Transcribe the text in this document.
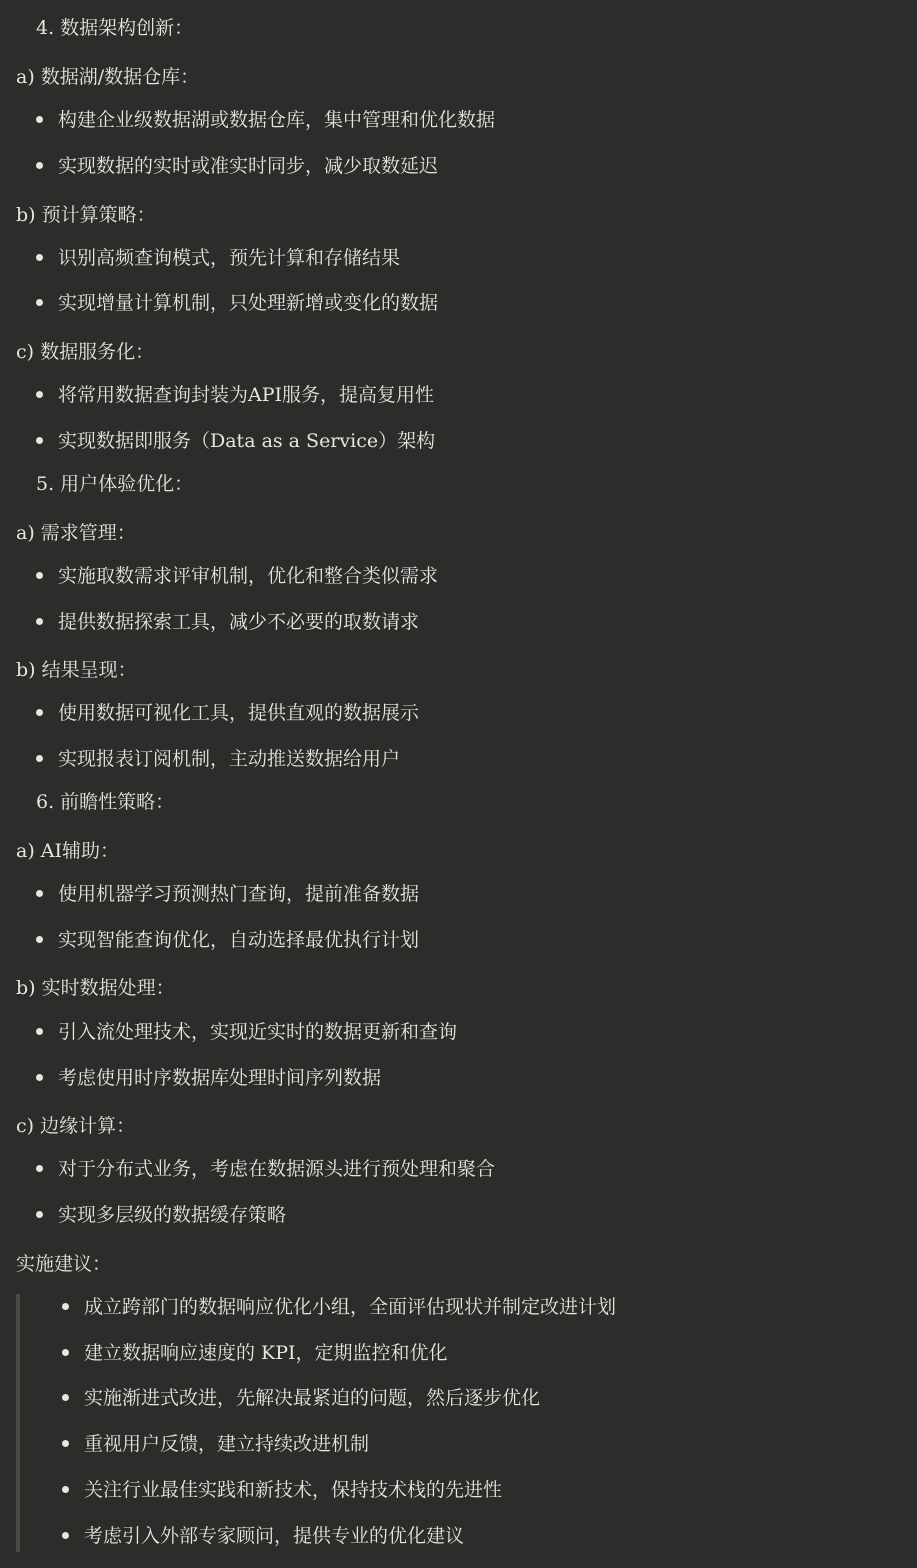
4. 数据架构创新：
a) 数据湖/数据仓库：
构建企业级数据湖或数据仓库，集中管理和优化数据
实现数据的实时或准实时同步，减少取数延迟
b) 预计算策略：
识别高频查询模式，预先计算和存储结果
实现增量计算机制，只处理新增或变化的数据
c) 数据服务化：
将常用数据查询封装为API服务，提高复用性
实现数据即服务（Data as a Service）架构
5. 用户体验优化：
a) 需求管理：
实施取数需求评审机制，优化和整合类似需求
提供数据探索工具，减少不必要的取数请求
b) 结果呈现：
使用数据可视化工具，提供直观的数据展示
实现报表订阅机制，主动推送数据给用户
6. 前瞻性策略：
a) AI辅助：
使用机器学习预测热门查询，提前准备数据
实现智能查询优化，自动选择最优执行计划
b) 实时数据处理：
引入流处理技术，实现近实时的数据更新和查询
考虑使用时序数据库处理时间序列数据
c) 边缘计算：
对于分布式业务，考虑在数据源头进行预处理和聚合
实现多层级的数据缓存策略
实施建议：
成立跨部门的数据响应优化小组，全面评估现状并制定改进计划
建立数据响应速度的 KPI，定期监控和优化
实施渐进式改进，先解决最紧迫的问题，然后逐步优化
重视用户反馈，建立持续改进机制
关注行业最佳实践和新技术，保持技术栈的先进性
考虑引入外部专家顾问，提供专业的优化建议
